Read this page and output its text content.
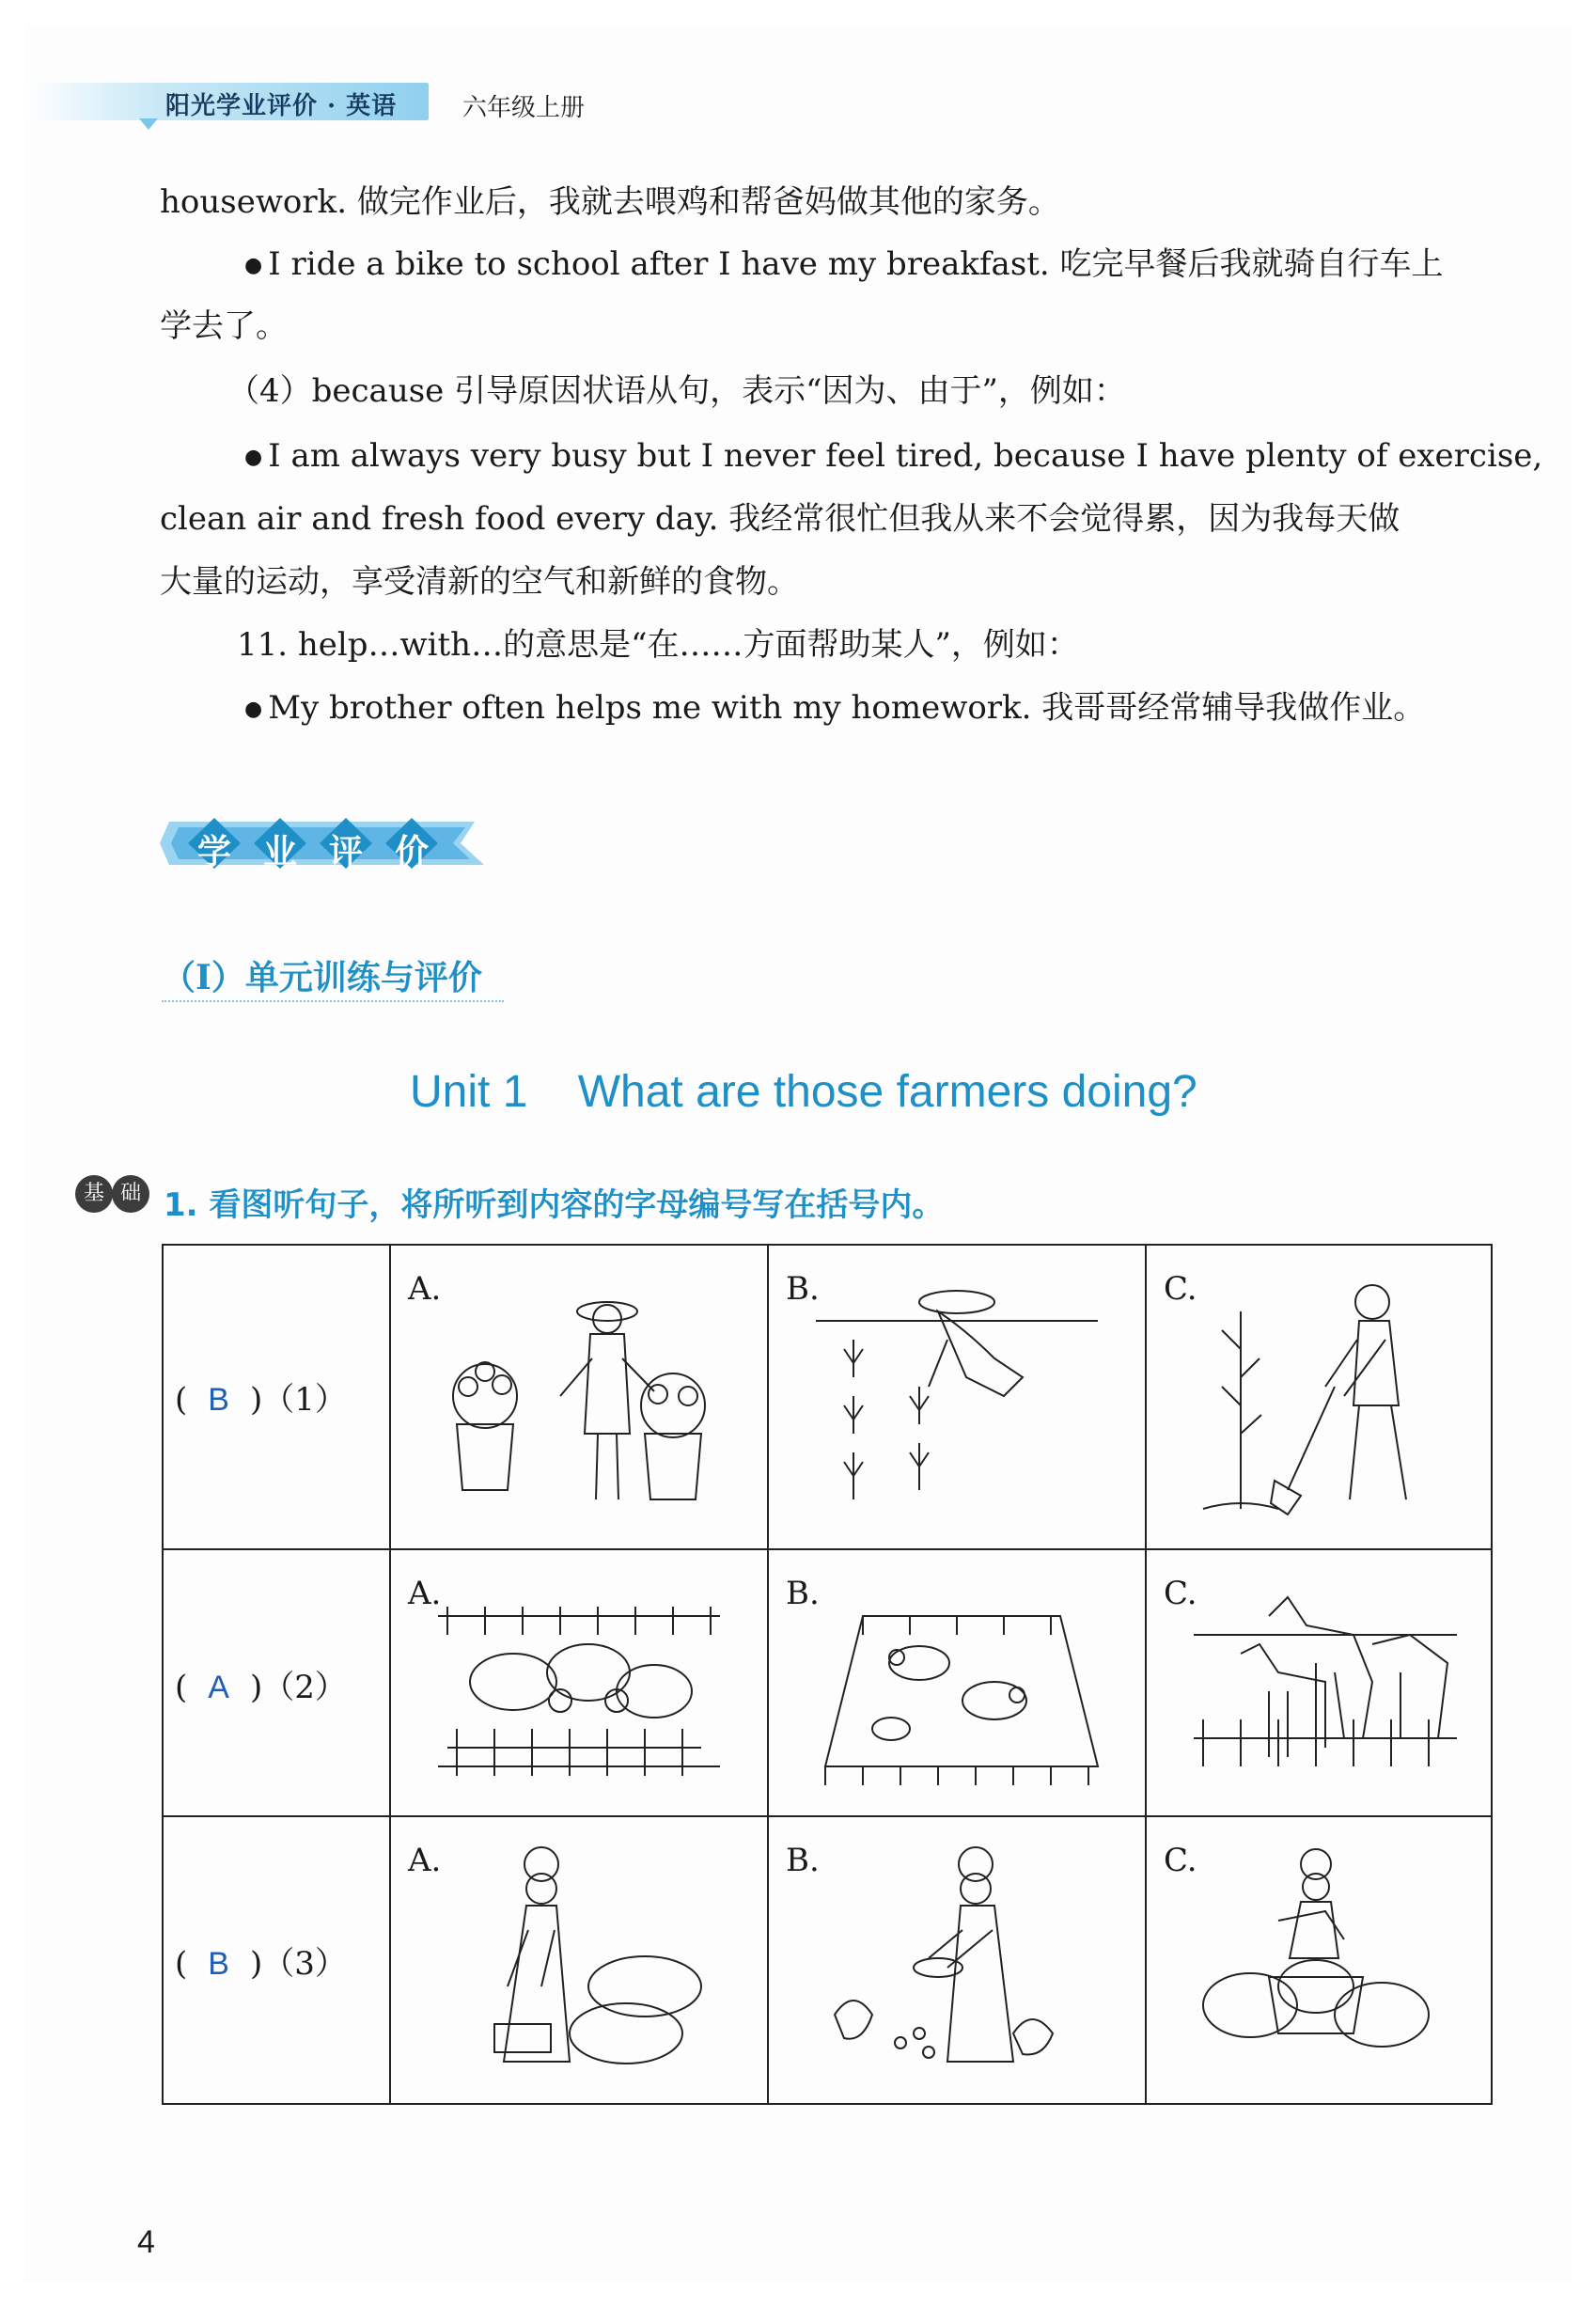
阳光学业评价 · 英语	六年级上册
housework. 做完作业后，我就去喂鸡和帮爸妈做其他的家务。
● I ride a bike to school after I have my breakfast. 吃完早餐后我就骑自行车上
学去了。
（4）because 引导原因状语从句，表示“因为、由于”，例如：
● I am always very busy but I never feel tired, because I have plenty of exercise,
clean air and fresh food every day. 我经常很忙但我从来不会觉得累，因为我每天做
大量的运动，享受清新的空气和新鲜的食物。
11. help…with…的意思是“在……方面帮助某人”，例如：
● My brother often helps me with my homework. 我哥哥经常辅导我做作业。
学 业 评 价
（Ⅰ）单元训练与评价
Unit 1    What are those farmers doing?
基 础 1. 看图听句子，将所听到内容的字母编号写在括号内。
( B )（1）	A.	B.	C.

( A )（2）	A.	B.	C.

( B )（3）	A.	B.	C.
4
